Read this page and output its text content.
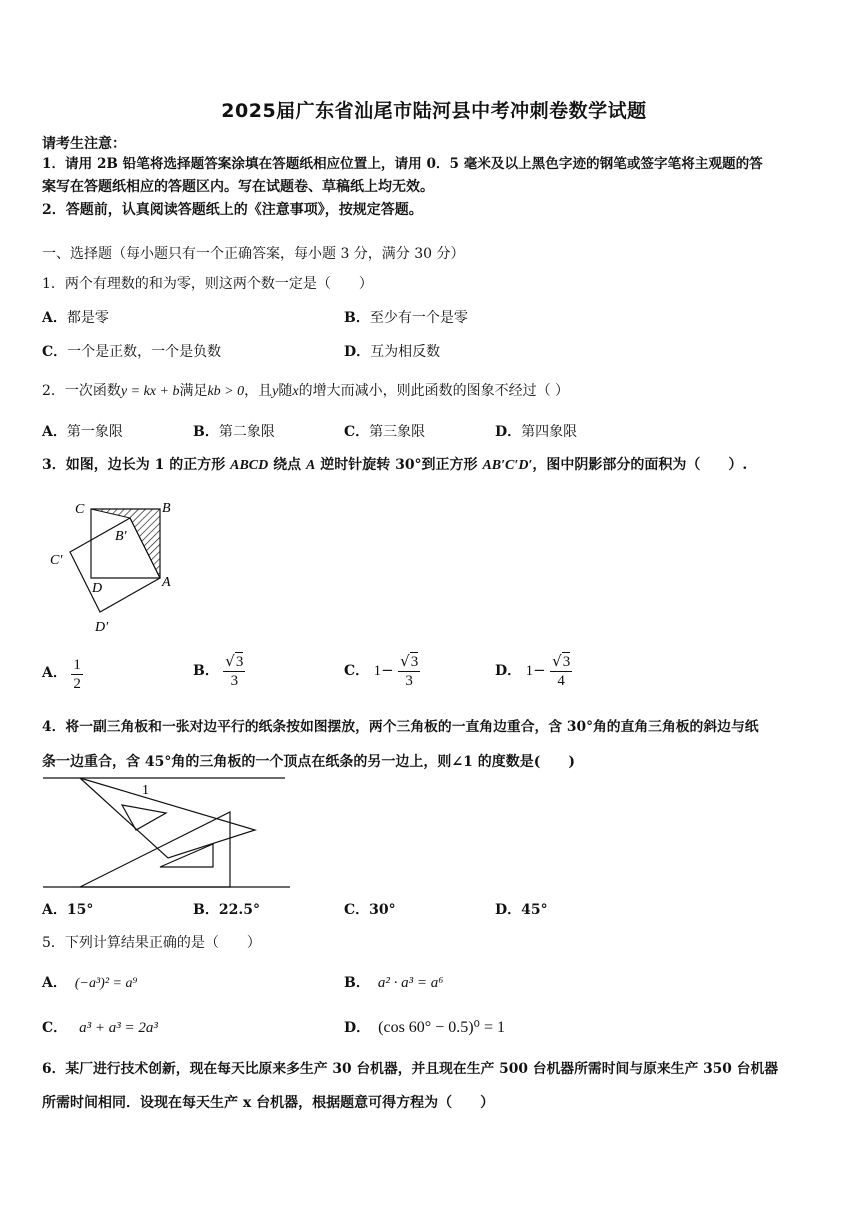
2025届广东省汕尾市陆河县中考冲刺卷数学试题
请考生注意：
1．请用 2B 铅笔将选择题答案涂填在答题纸相应位置上，请用 0．5 毫米及以上黑色字迹的钢笔或签字笔将主观题的答
案写在答题纸相应的答题区内。写在试题卷、草稿纸上均无效。
2．答题前，认真阅读答题纸上的《注意事项》，按规定答题。
一、选择题（每小题只有一个正确答案，每小题 3 分，满分 30 分）
1．两个有理数的和为零，则这两个数一定是（　　）
A．都是零	B．至少有一个是零
C．一个是正数，一个是负数	D．互为相反数
2．一次函数y = kx + b满足kb > 0，且y随x的增大而减小，则此函数的图象不经过（ ）
A．第一象限	B．第二象限	C．第三象限	D．第四象限
3．如图，边长为 1 的正方形 ABCD 绕点 A 逆时针旋转 30°到正方形 AB′C′D′，图中阴影部分的面积为（　　）.
C	B
B′
C′
D	A
D′
A． $\frac{1}{2}$	B． $\frac{√3}{3}$	C． $1- \frac{√3}{3}$	D． $1- \frac{√3}{4}$
4．将一副三角板和一张对边平行的纸条按如图摆放，两个三角板的一直角边重合，含 30°角的直角三角板的斜边与纸
条一边重合，含 45°角的三角板的一个顶点在纸条的另一边上，则∠1 的度数是(　　)
1
A．15°	B．22.5°	C．30°	D．45°
5．下列计算结果正确的是（　　）
A． (−a³)² = a⁹	B． a² · a³ = a⁶
C． a³ + a³ = 2a³	D． (cos 60° − 0.5)⁰ = 1
6．某厂进行技术创新，现在每天比原来多生产 30 台机器，并且现在生产 500 台机器所需时间与原来生产 350 台机器
所需时间相同．设现在每天生产 x 台机器，根据题意可得方程为（　　）
